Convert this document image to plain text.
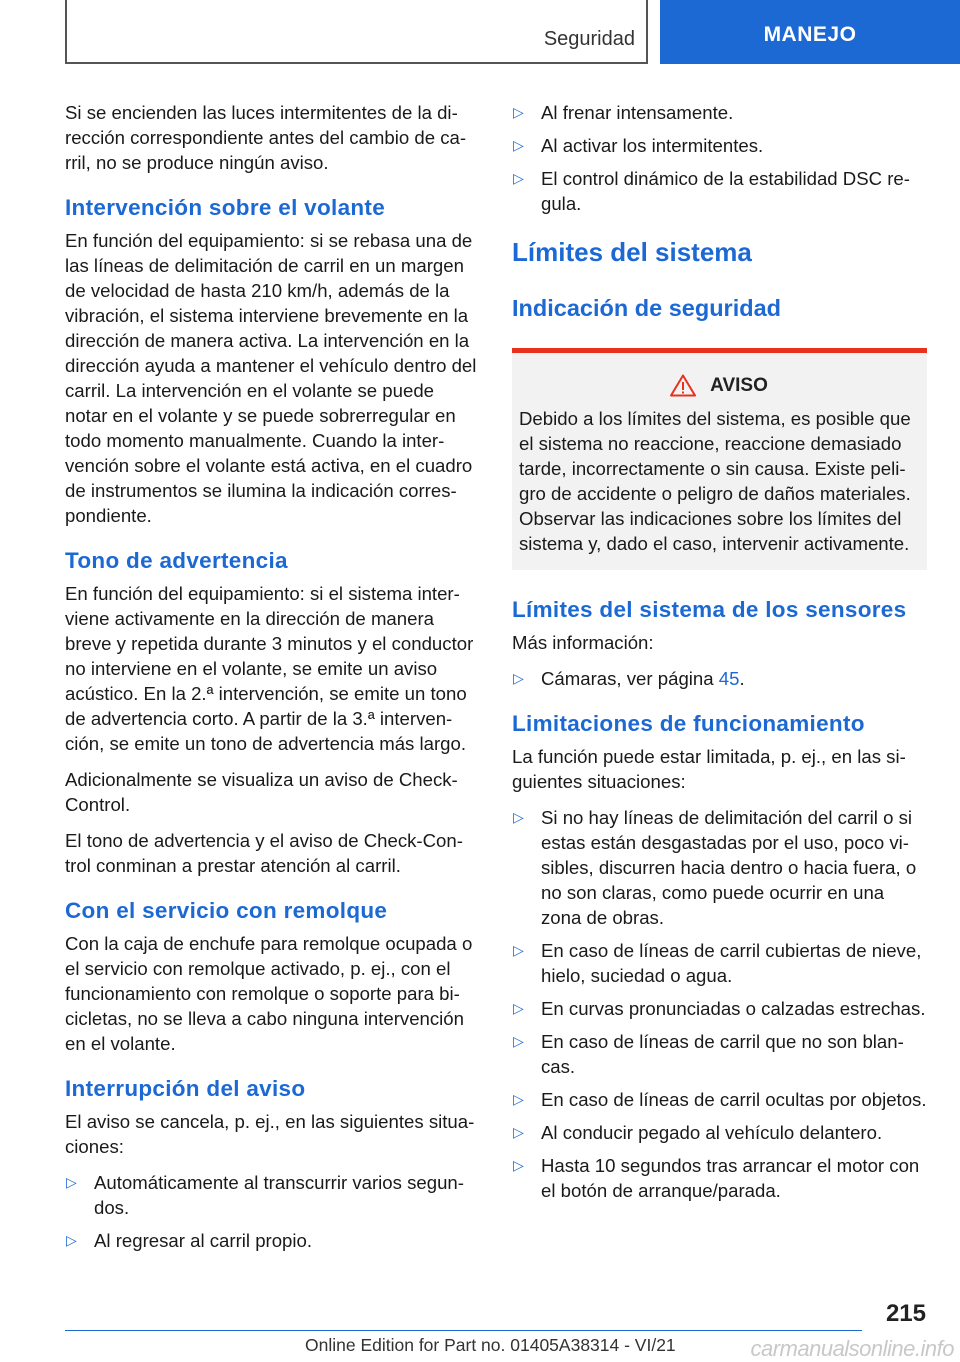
Seguridad	MANEJO

Si se encienden las luces intermitentes de la dirección correspondiente antes del cambio de carril, no se produce ningún aviso.

Intervención sobre el volante

En función del equipamiento: si se rebasa una de las líneas de delimitación de carril en un margen de velocidad de hasta 210 km/h, además de la vibración, el sistema interviene brevemente en la dirección de manera activa. La intervención en la dirección ayuda a mantener el vehículo dentro del carril. La intervención en el volante se puede notar en el volante y se puede sobrerregular en todo momento manualmente. Cuando la intervención sobre el volante está activa, en el cuadro de instrumentos se ilumina la indicación correspondiente.

Tono de advertencia

En función del equipamiento: si el sistema interviene activamente en la dirección de manera breve y repetida durante 3 minutos y el conductor no interviene en el volante, se emite un aviso acústico. En la 2.ª intervención, se emite un tono de advertencia corto. A partir de la 3.ª intervención, se emite un tono de advertencia más largo.

Adicionalmente se visualiza un aviso de Check-Control.

El tono de advertencia y el aviso de Check-Control conminan a prestar atención al carril.

Con el servicio con remolque

Con la caja de enchufe para remolque ocupada o el servicio con remolque activado, p. ej., con el funcionamiento con remolque o soporte para bicicletas, no se lleva a cabo ninguna intervención en el volante.

Interrupción del aviso

El aviso se cancela, p. ej., en las siguientes situaciones:

▷ Automáticamente al transcurrir varios segundos.
▷ Al regresar al carril propio.
▷ Al frenar intensamente.
▷ Al activar los intermitentes.
▷ El control dinámico de la estabilidad DSC regula.
Límites del sistema
Indicación de seguridad
AVISO
Debido a los límites del sistema, es posible que el sistema no reaccione, reaccione demasiado tarde, incorrectamente o sin causa. Existe peligro de accidente o peligro de daños materiales. Observar las indicaciones sobre los límites del sistema y, dado el caso, intervenir activamente.
Límites del sistema de los sensores

Más información:

▷ Cámaras, ver página 45.
Limitaciones de funcionamiento

La función puede estar limitada, p. ej., en las siguientes situaciones:

▷ Si no hay líneas de delimitación del carril o si estas están desgastadas por el uso, poco visibles, discurren hacia dentro o hacia fuera, o no son claras, como puede ocurrir en una zona de obras.
▷ En caso de líneas de carril cubiertas de nieve, hielo, suciedad o agua.
▷ En curvas pronunciadas o calzadas estrechas.
▷ En caso de líneas de carril que no son blancas.
▷ En caso de líneas de carril ocultas por objetos.
▷ Al conducir pegado al vehículo delantero.
▷ Hasta 10 segundos tras arrancar el motor con el botón de arranque/parada.
215
Online Edition for Part no. 01405A38314 - VI/21	carmanualsonline.info
